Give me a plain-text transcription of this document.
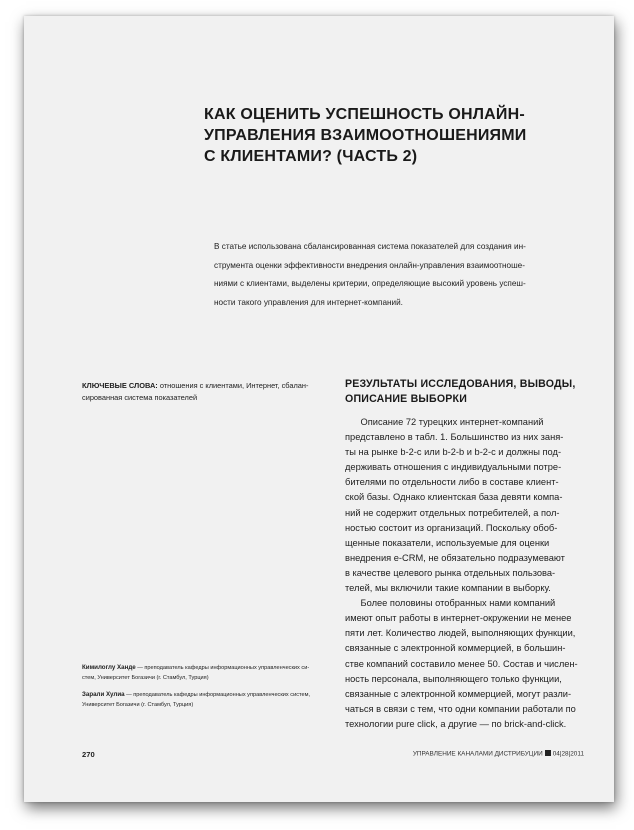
КАК ОЦЕНИТЬ УСПЕШНОСТЬ ОНЛАЙН-
УПРАВЛЕНИЯ ВЗАИМООТНОШЕНИЯМИ
С КЛИЕНТАМИ? (ЧАСТЬ 2)

В статье использована сбалансированная система показателей для создания ин-
струмента оценки эффективности внедрения онлайн-управления взаимоотноше-
ниями с клиентами, выделены критерии, определяющие высокий уровень успеш-
ности такого управления для интернет-компаний.

КЛЮЧЕВЫЕ СЛОВА: отношения с клиентами, Интернет, сбалан-
сированная система показателей

РЕЗУЛЬТАТЫ ИССЛЕДОВАНИЯ, ВЫВОДЫ,
ОПИСАНИЕ ВЫБОРКИ

Описание 72 турецких интернет-компаний
представлено в табл. 1. Большинство из них заня-
ты на рынке b-2-c или b-2-b и b-2-c и должны под-
держивать отношения с индивидуальными потре-
бителями по отдельности либо в составе клиент-
ской базы. Однако клиентская база девяти компа-
ний не содержит отдельных потребителей, а пол-
ностью состоит из организаций. Поскольку обоб-
щенные показатели, используемые для оценки
внедрения e-CRM, не обязательно подразумевают
в качестве целевого рынка отдельных пользова-
телей, мы включили такие компании в выборку.
Более половины отобранных нами компаний
имеют опыт работы в интернет-окружении не менее
пяти лет. Количество людей, выполняющих функции,
связанные с электронной коммерцией, в большин-
стве компаний составило менее 50. Состав и числен-
ность персонала, выполняющего только функции,
связанные с электронной коммерцией, могут разли-
чаться в связи с тем, что одни компании работали по
технологии pure click, а другие — по brick-and-click.

Кимилоглу Ханде — преподаватель кафедры информационных управленческих си-
стем, Университет Богазичи (г. Стамбул, Турция)

Зарали Хулиа — преподаватель кафедры информационных управленческих систем,
Университет Богазичи (г. Стамбул, Турция)

270	УПРАВЛЕНИЕ КАНАЛАМИ ДИСТРИБУЦИИ 04|28|2011
